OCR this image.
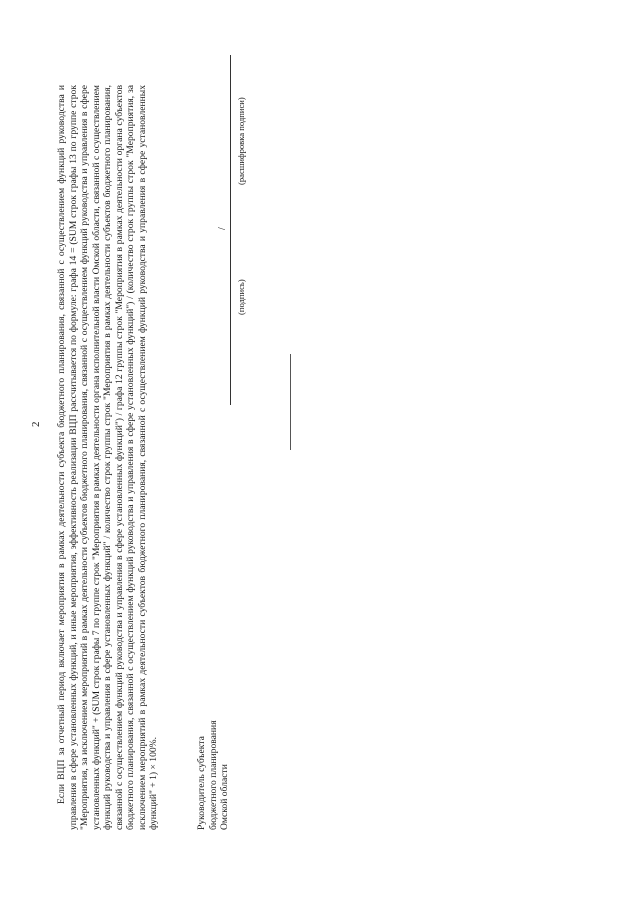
2 Если ВЦП за отчетный период включает мероприятия в рамках деятельности субъекта бюджетного планирования, связанной с осуществлением функций руководства и управления в сфере установленных функций, и иные мероприятия, эффективность реализации ВЦП рассчитывается по формуле: графа 14 = (SUM строк графы 13 по группе строк "Мероприятия, за исключением мероприятий в рамках деятельности субъектов бюджетного планирования, связанной с осуществлением функций руководства и управления в сфере установленных функций" + (SUM строк графы 7 по группе строк "Мероприятия в рамках деятельности органа исполнительной власти Омской области, связанной с осуществлением функций руководства и управления в сфере установленных функций" / количество строк группы строк "Мероприятия в рамках деятельности субъектов бюджетного планирования, связанной с осуществлением функций руководства и управления в сфере установленных функций") / графа 12 группы строк "Мероприятия в рамках деятельности органа субъектов бюджетного планирования, связанной с осуществлением функций руководства и управления в сфере установленных функций") / (количество строк группы строк "Мероприятия, за исключением мероприятий в рамках деятельности субъектов бюджетного планирования, связанной с осуществлением функций руководства и управления в сфере установленных функций" + 1) × 100%.	Руководитель субъекта бюджетного планирования Омской области
/
(подпись)
(расшифровка подписи)
